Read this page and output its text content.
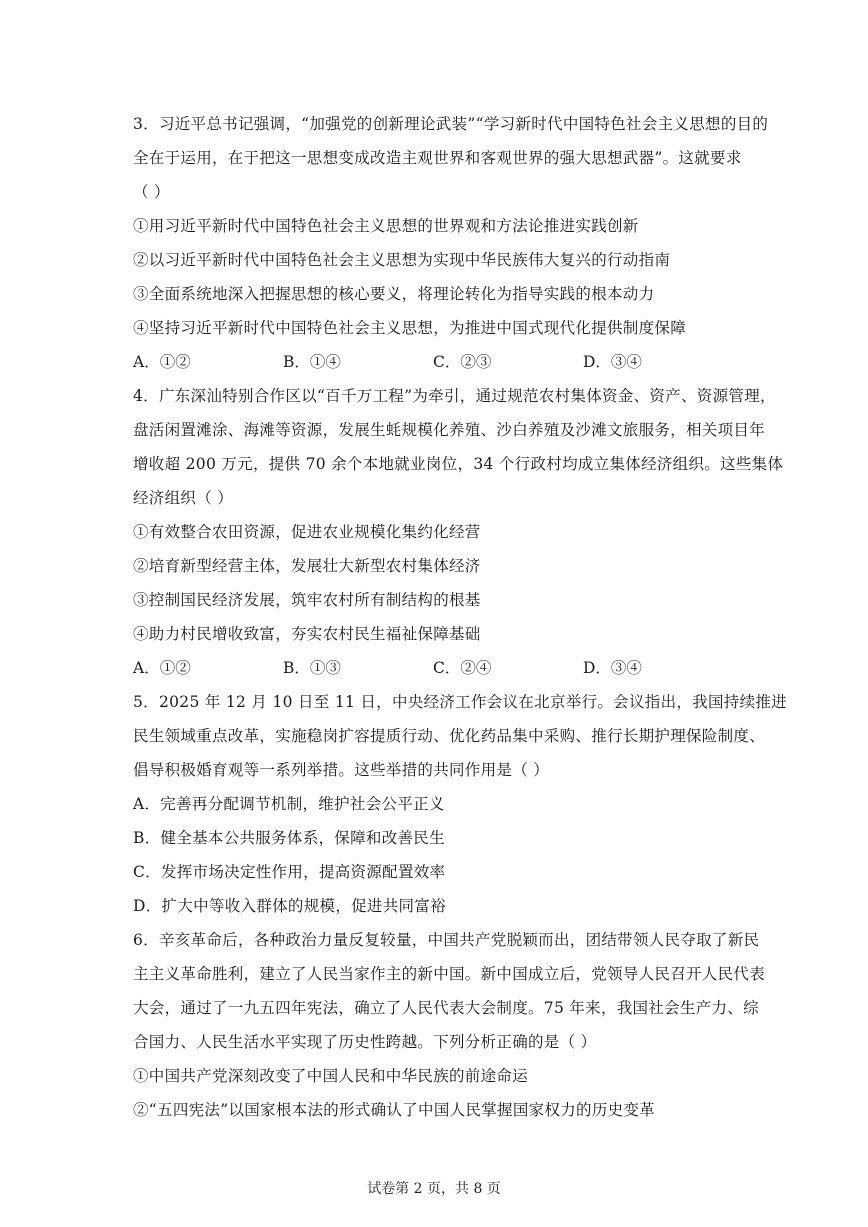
3．习近平总书记强调，“加强党的创新理论武装”“学习新时代中国特色社会主义思想的目的
全在于运用，在于把这一思想变成改造主观世界和客观世界的强大思想武器”。这就要求
（ ）
①用习近平新时代中国特色社会主义思想的世界观和方法论推进实践创新
②以习近平新时代中国特色社会主义思想为实现中华民族伟大复兴的行动指南
③全面系统地深入把握思想的核心要义，将理论转化为指导实践的根本动力
④坚持习近平新时代中国特色社会主义思想，为推进中国式现代化提供制度保障
A．①②	B．①④	C．②③	D．③④
4．广东深汕特别合作区以“百千万工程”为牵引，通过规范农村集体资金、资产、资源管理，
盘活闲置滩涂、海滩等资源，发展生蚝规模化养殖、沙白养殖及沙滩文旅服务，相关项目年
增收超 200 万元，提供 70 余个本地就业岗位，34 个行政村均成立集体经济组织。这些集体
经济组织（ ）
①有效整合农田资源，促进农业规模化集约化经营
②培育新型经营主体，发展壮大新型农村集体经济
③控制国民经济发展，筑牢农村所有制结构的根基
④助力村民增收致富，夯实农村民生福祉保障基础
A．①②	B．①③	C．②④	D．③④
5．2025 年 12 月 10 日至 11 日，中央经济工作会议在北京举行。会议指出，我国持续推进
民生领域重点改革，实施稳岗扩容提质行动、优化药品集中采购、推行长期护理保险制度、
倡导积极婚育观等一系列举措。这些举措的共同作用是（ ）
A．完善再分配调节机制，维护社会公平正义
B．健全基本公共服务体系，保障和改善民生
C．发挥市场决定性作用，提高资源配置效率
D．扩大中等收入群体的规模，促进共同富裕
6．辛亥革命后，各种政治力量反复较量，中国共产党脱颖而出，团结带领人民夺取了新民
主主义革命胜利，建立了人民当家作主的新中国。新中国成立后，党领导人民召开人民代表
大会，通过了一九五四年宪法，确立了人民代表大会制度。75 年来，我国社会生产力、综
合国力、人民生活水平实现了历史性跨越。下列分析正确的是（ ）
①中国共产党深刻改变了中国人民和中华民族的前途命运
②“五四宪法”以国家根本法的形式确认了中国人民掌握国家权力的历史变革
试卷第 2 页，共 8 页
